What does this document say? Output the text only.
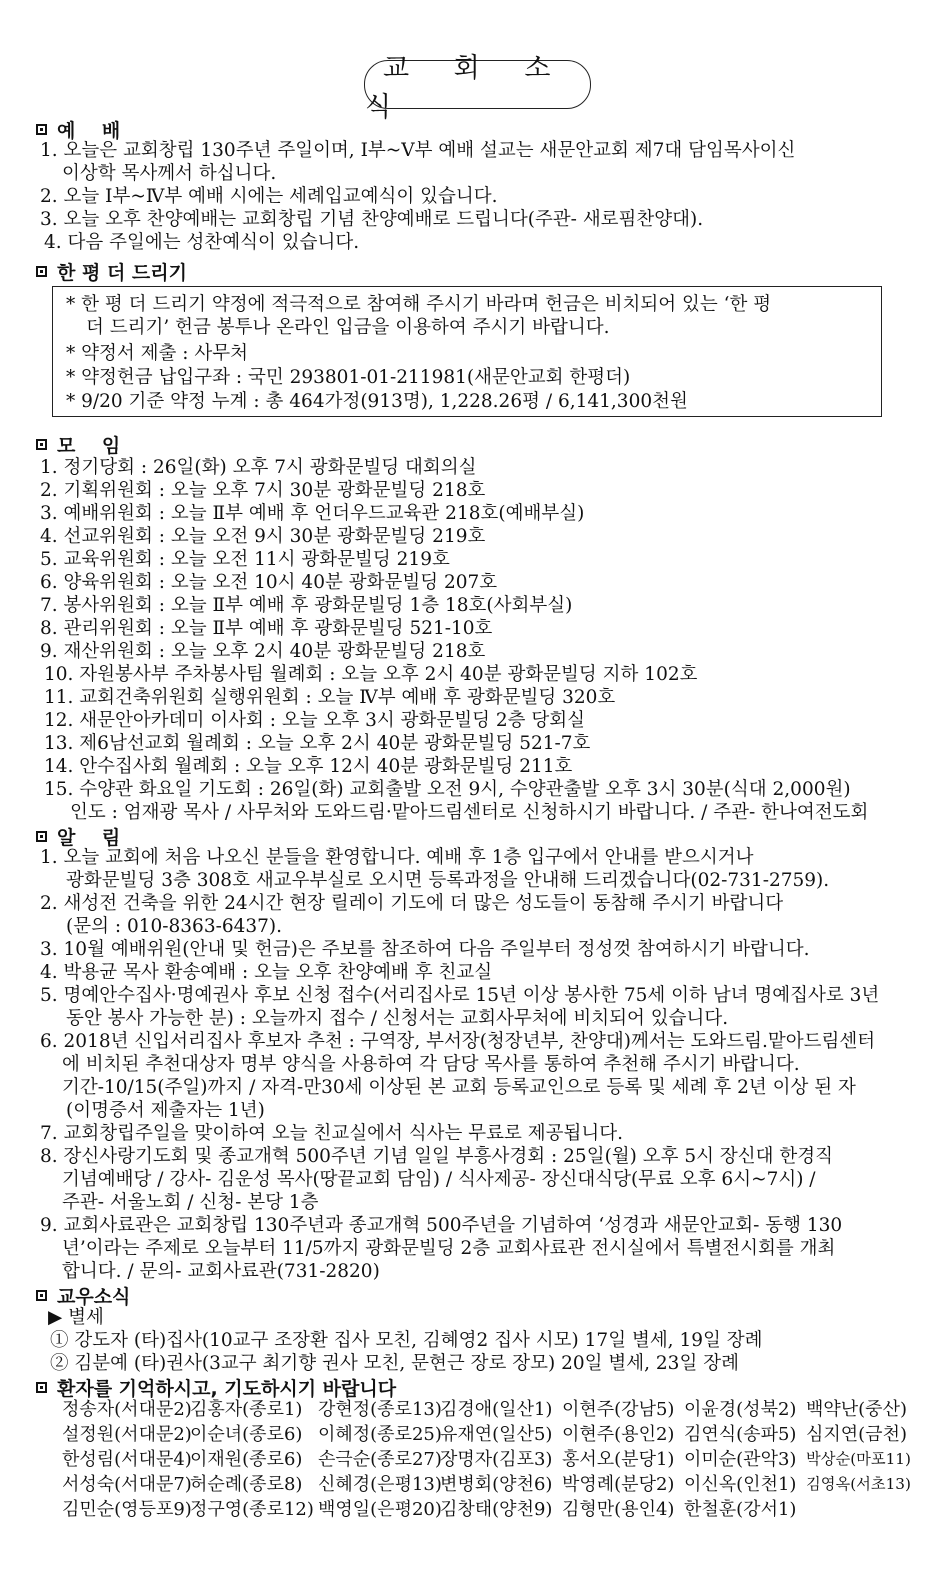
교 회 소 식
예    배
1. 오늘은 교회창립 130주년 주일이며, Ⅰ부~Ⅴ부 예배 설교는 새문안교회 제7대 담임목사이신
이상학 목사께서 하십니다.
2. 오늘 Ⅰ부~Ⅳ부 예배 시에는 세례입교예식이 있습니다.
3. 오늘 오후 찬양예배는 교회창립 기념 찬양예배로 드립니다(주관- 새로핌찬양대).
4. 다음 주일에는 성찬예식이 있습니다.
한 평 더 드리기
* 한 평 더 드리기 약정에 적극적으로 참여해 주시기 바라며 헌금은 비치되어 있는 ‘한 평
더 드리기’ 헌금 봉투나 온라인 입금을 이용하여 주시기 바랍니다.
* 약정서 제출 : 사무처
* 약정헌금 납입구좌 : 국민 293801-01-211981(새문안교회 한평더)
* 9/20 기준 약정 누계 : 총 464가정(913명), 1,228.26평 / 6,141,300천원
모    임
1. 정기당회 : 26일(화) 오후 7시 광화문빌딩 대회의실
2. 기획위원회 : 오늘 오후 7시 30분 광화문빌딩 218호
3. 예배위원회 : 오늘 Ⅱ부 예배 후 언더우드교육관 218호(예배부실)
4. 선교위원회 : 오늘 오전 9시 30분 광화문빌딩 219호
5. 교육위원회 : 오늘 오전 11시 광화문빌딩 219호
6. 양육위원회 : 오늘 오전 10시 40분 광화문빌딩 207호
7. 봉사위원회 : 오늘 Ⅱ부 예배 후 광화문빌딩 1층 18호(사회부실)
8. 관리위원회 : 오늘 Ⅱ부 예배 후 광화문빌딩 521-10호
9. 재산위원회 : 오늘 오후 2시 40분 광화문빌딩 218호
10. 자원봉사부 주차봉사팀 월례회 : 오늘 오후 2시 40분 광화문빌딩 지하 102호
11. 교회건축위원회 실행위원회 : 오늘 Ⅳ부 예배 후 광화문빌딩 320호
12. 새문안아카데미 이사회 : 오늘 오후 3시 광화문빌딩 2층 당회실
13. 제6남선교회 월례회 : 오늘 오후 2시 40분 광화문빌딩 521-7호
14. 안수집사회 월례회 : 오늘 오후 12시 40분 광화문빌딩 211호
15. 수양관 화요일 기도회 : 26일(화) 교회출발 오전 9시, 수양관출발 오후 3시 30분(식대 2,000원)
인도 : 엄재광 목사 / 사무처와 도와드림·맡아드림센터로 신청하시기 바랍니다. / 주관- 한나여전도회
알    림
1. 오늘 교회에 처음 나오신 분들을 환영합니다. 예배 후 1층 입구에서 안내를 받으시거나
광화문빌딩 3층 308호 새교우부실로 오시면 등록과정을 안내해 드리겠습니다(02-731-2759).
2. 새성전 건축을 위한 24시간 현장 릴레이 기도에 더 많은 성도들이 동참해 주시기 바랍니다
(문의 : 010-8363-6437).
3. 10월 예배위원(안내 및 헌금)은 주보를 참조하여 다음 주일부터 정성껏 참여하시기 바랍니다.
4. 박용균 목사 환송예배 : 오늘 오후 찬양예배 후 친교실
5. 명예안수집사·명예권사 후보 신청 접수(서리집사로 15년 이상 봉사한 75세 이하 남녀 명예집사로 3년
동안 봉사 가능한 분) : 오늘까지 접수 / 신청서는 교회사무처에 비치되어 있습니다.
6. 2018년 신입서리집사 후보자 추천 : 구역장, 부서장(청장년부, 찬양대)께서는 도와드림.맡아드림센터
에 비치된 추천대상자 명부 양식을 사용하여 각 담당 목사를 통하여 추천해 주시기 바랍니다.
기간-10/15(주일)까지 / 자격-만30세 이상된 본 교회 등록교인으로 등록 및 세례 후 2년 이상 된 자
(이명증서 제출자는 1년)
7. 교회창립주일을 맞이하여 오늘 친교실에서 식사는 무료로 제공됩니다.
8. 장신사랑기도회 및 종교개혁 500주년 기념 일일 부흥사경회 : 25일(월) 오후 5시 장신대 한경직
기념예배당 / 강사- 김운성 목사(땅끝교회 담임) / 식사제공- 장신대식당(무료 오후 6시~7시) /
주관- 서울노회 / 신청- 본당 1층
9. 교회사료관은 교회창립 130주년과 종교개혁 500주년을 기념하여 ‘성경과 새문안교회- 동행 130
년’이라는 주제로 오늘부터 11/5까지 광화문빌딩 2층 교회사료관 전시실에서 특별전시회를 개최
합니다. / 문의- 교회사료관(731-2820)
교우소식
▶ 별세
① 강도자 (타)집사(10교구 조장환 집사 모친, 김혜영2 집사 시모) 17일 별세, 19일 장례
② 김분예 (타)권사(3교구 최기향 권사 모친, 문현근 장로 장모) 20일 별세, 23일 장례
환자를 기억하시고, 기도하시기 바랍니다
정송자(서대문2)
김홍자(종로1) 강현정(종로13)
김경애(일산1) 이현주(강남5) 이윤경(성북2) 백약난(중산)
설정원(서대문2)
이순녀(종로6) 이혜정(종로25)
유재연(일산5) 이현주(용인2) 김연식(송파5) 심지연(금천)
한성림(서대문4)
이재원(종로6) 손극순(종로27)
장명자(김포3) 홍서오(분당1) 이미순(관악3) 박상순(마포11)
서성숙(서대문7)
허순례(종로8) 신혜경(은평13)
변병회(양천6) 박영례(분당2) 이신옥(인천1) 김영옥(서초13)
김민순(영등포9)
정구영(종로12) 백영일(은평20)
김창태(양천9) 김형만(용인4) 한철훈(강서1)
